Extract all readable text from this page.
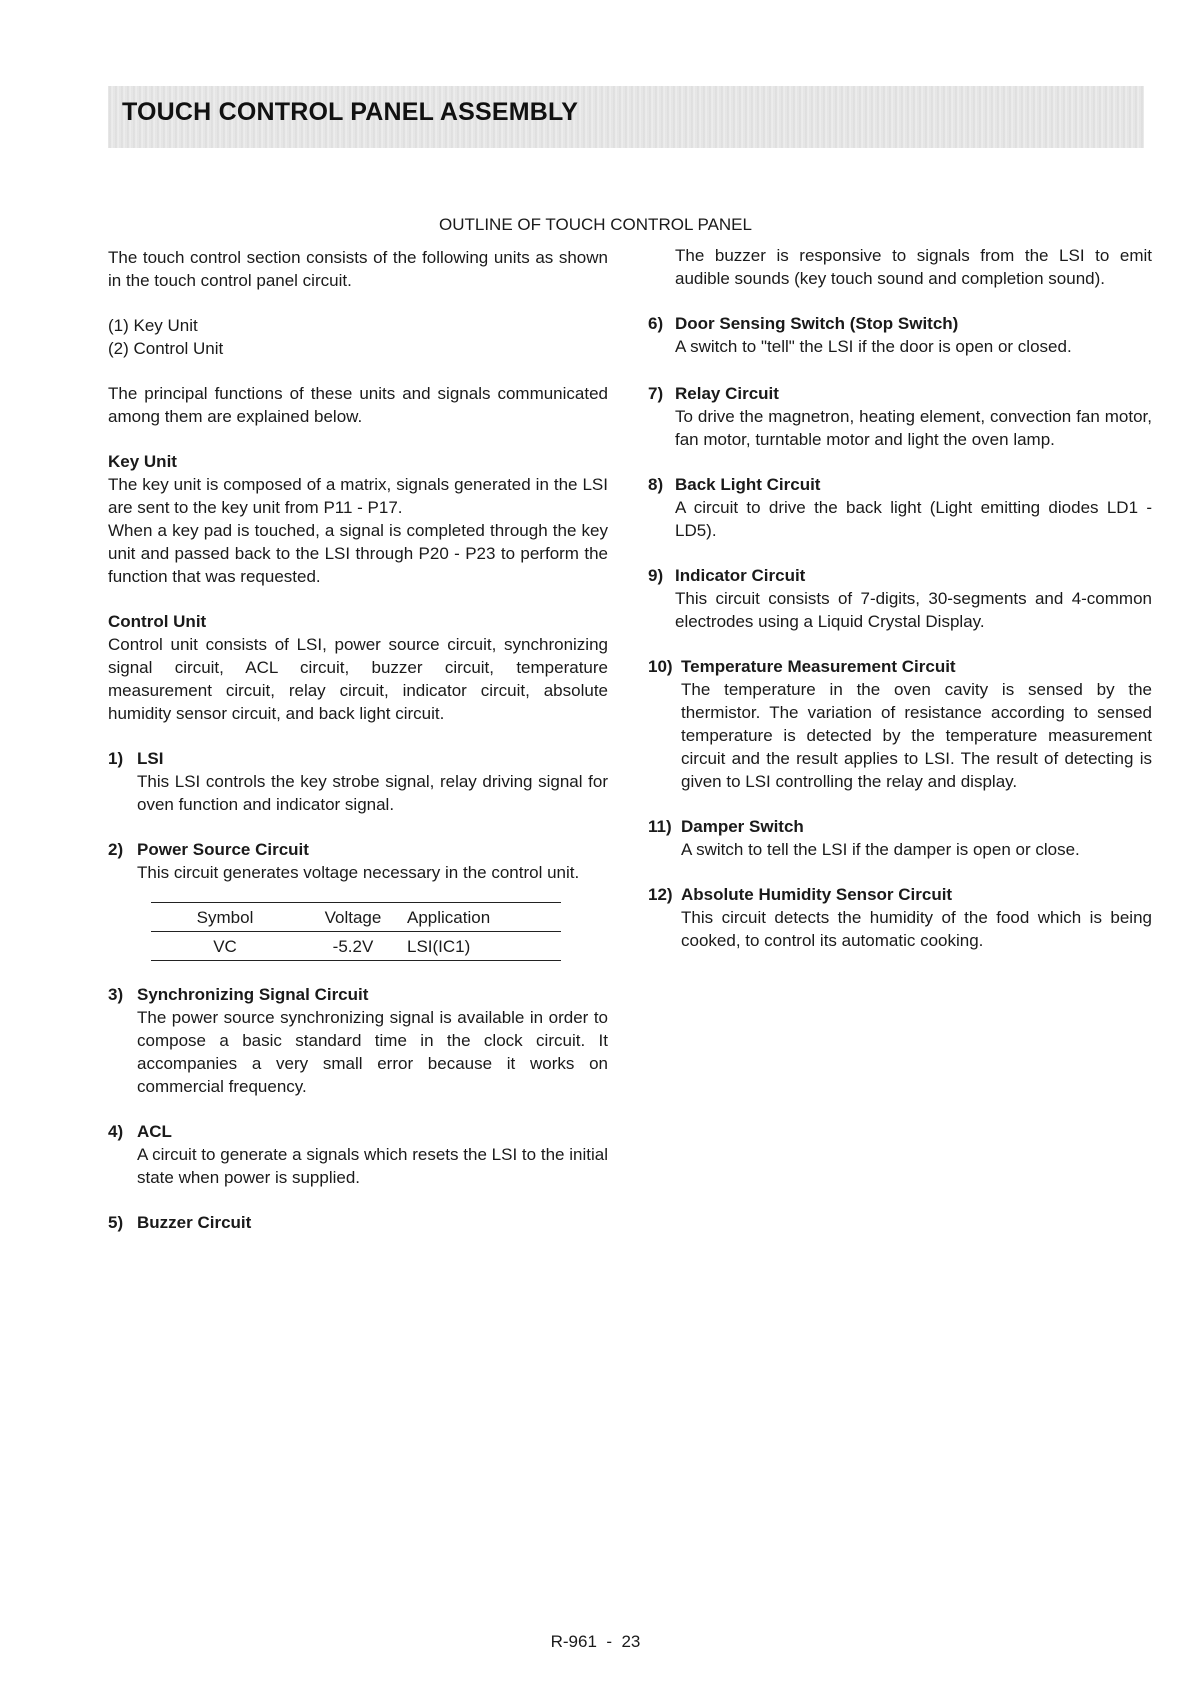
TOUCH CONTROL PANEL ASSEMBLY
OUTLINE OF TOUCH CONTROL PANEL

The touch control section consists of the following units as shown in the touch control panel circuit.

(1) Key Unit

(2) Control Unit

The principal functions of these units and signals communicated among them are explained below.

Key Unit

The key unit is composed of a matrix, signals generated in the LSI are sent to the key unit from P11 - P17.

When a key pad is touched, a signal is completed through the key unit and passed back to the LSI through P20 - P23 to perform the function that was requested.

Control Unit

Control unit consists of LSI, power source circuit, synchronizing signal circuit, ACL circuit, buzzer circuit, temperature measurement circuit, relay circuit, indicator circuit, absolute humidity sensor circuit, and back light circuit.

1) LSI

This LSI controls the key strobe signal, relay driving signal for oven function and indicator signal.

2) Power Source Circuit

This circuit generates voltage necessary in the control unit.

Symbol	Voltage	Application
VC	-5.2V	LSI(IC1)
3) Synchronizing Signal Circuit

The power source synchronizing signal is available in order to compose a basic standard time in the clock circuit. It accompanies a very small error because it works on commercial frequency.

4) ACL

A circuit to generate a signals which resets the LSI to the initial state when power is supplied.

5) Buzzer Circuit

The buzzer is responsive to signals from the LSI to emit audible sounds (key touch sound and completion sound).

6) Door Sensing Switch (Stop Switch)

A switch to "tell" the LSI if the door is open or closed.

7) Relay Circuit

To drive the magnetron, heating element, convection fan motor, fan motor, turntable motor and light the oven lamp.

8) Back Light Circuit

A circuit to drive the back light (Light emitting diodes LD1 - LD5).

9) Indicator Circuit

This circuit consists of 7-digits, 30-segments and 4-common electrodes using a Liquid Crystal Display.

10) Temperature Measurement Circuit

The temperature in the oven cavity is sensed by the thermistor. The variation of resistance according to sensed temperature is detected by the temperature measurement circuit and the result applies to LSI. The result of detecting is given to LSI controlling the relay and display.

11) Damper Switch

A switch to tell the LSI if the damper is open or close.

12) Absolute Humidity Sensor Circuit

This circuit detects the humidity of the food which is being cooked, to control its automatic cooking.

R-961  -  23
